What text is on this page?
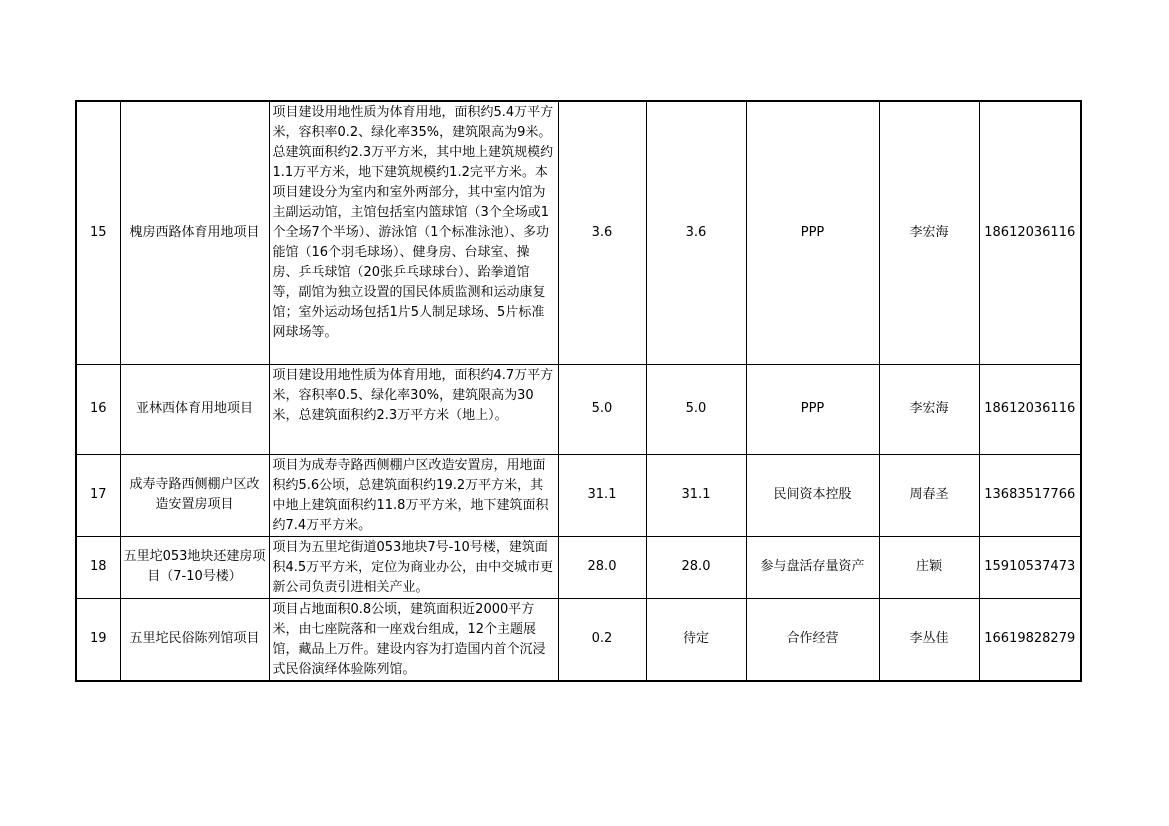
15	槐房西路体育用地项目	项目建设用地性质为体育用地，面积约5.4万平方米，容积率0.2、绿化率35%，建筑限高为9米。总建筑面积约2.3万平方米，其中地上建筑规模约1.1万平方米，地下建筑规模约1.2完平方米。本项目建设分为室内和室外两部分，其中室内馆为主副运动馆，主馆包括室内篮球馆（3个全场或1个全场7个半场）、游泳馆（1个标准泳池）、多功能馆（16个羽毛球场）、健身房、台球室、操房、乒乓球馆（20张乒乓球球台）、跆拳道馆等，副馆为独立设置的国民体质监测和运动康复馆；室外运动场包括1片5人制足球场、5片标准网球场等。	3.6	3.6	PPP	李宏海	18612036116
16	亚林西体育用地项目	项目建设用地性质为体育用地，面积约4.7万平方米，容积率0.5、绿化率30%，建筑限高为30米，总建筑面积约2.3万平方米（地上）。	5.0	5.0	PPP	李宏海	18612036116
17	成寿寺路西侧棚户区改造安置房项目	项目为成寿寺路西侧棚户区改造安置房，用地面积约5.6公顷，总建筑面积约19.2万平方米，其中地上建筑面积约11.8万平方米，地下建筑面积约7.4万平方米。	31.1	31.1	民间资本控股	周春圣	13683517766
18	五里坨053地块还建房项目（7-10号楼）	项目为五里坨街道053地块7号-10号楼，建筑面积4.5万平方米，定位为商业办公，由中交城市更新公司负责引进相关产业。	28.0	28.0	参与盘活存量资产	庄颖	15910537473
19	五里坨民俗陈列馆项目	项目占地面积0.8公顷，建筑面积近2000平方米，由七座院落和一座戏台组成，12个主题展馆，藏品上万件。建设内容为打造国内首个沉浸式民俗演绎体验陈列馆。	0.2	待定	合作经营	李丛佳	16619828279
